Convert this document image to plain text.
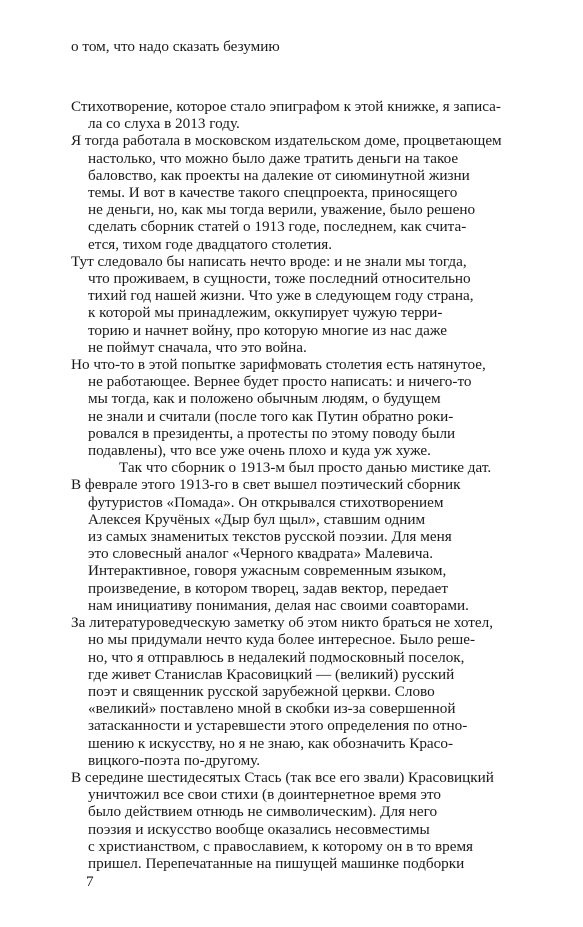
о том, что надо сказать безумию
Стихотворение, которое стало эпиграфом к этой книжке, я записа-
ла со слуха в 2013 году.
Я тогда работала в московском издательском доме, процветающем
настолько, что можно было даже тратить деньги на такое
баловство, как проекты на далекие от сиюминутной жизни
темы. И вот в качестве такого спецпроекта, приносящего
не деньги, но, как мы тогда верили, уважение, было решено
сделать сборник статей о 1913 годе, последнем, как счита-
ется, тихом годе двадцатого столетия.
Тут следовало бы написать нечто вроде: и не знали мы тогда,
что проживаем, в сущности, тоже последний относительно
тихий год нашей жизни. Что уже в следующем году страна,
к которой мы принадлежим, оккупирует чужую терри-
торию и начнет войну, про которую многие из нас даже
не поймут сначала, что это война.
Но что-то в этой попытке зарифмовать столетия есть натянутое,
не работающее. Вернее будет просто написать: и ничего-то
мы тогда, как и положено обычным людям, о будущем
не знали и считали (после того как Путин обратно роки-
ровался в президенты, а протесты по этому поводу были
подавлены), что все уже очень плохо и куда уж хуже.
Так что сборник о 1913-м был просто данью мистике дат.
В феврале этого 1913-го в свет вышел поэтический сборник
футуристов «Помада». Он открывался стихотворением
Алексея Кручёных «Дыр бул щыл», ставшим одним
из самых знаменитых текстов русской поэзии. Для меня
это словесный аналог «Черного квадрата» Малевича.
Интерактивное, говоря ужасным современным языком,
произведение, в котором творец, задав вектор, передает
нам инициативу понимания, делая нас своими соавторами.
За литературоведческую заметку об этом никто браться не хотел,
но мы придумали нечто куда более интересное. Было реше-
но, что я отправлюсь в недалекий подмосковный поселок,
где живет Станислав Красовицкий — (великий) русский
поэт и священник русской зарубежной церкви. Слово
«великий» поставлено мной в скобки из-за совершенной
затасканности и устаревшести этого определения по отно-
шению к искусству, но я не знаю, как обозначить Красо-
вицкого-поэта по-другому.
В середине шестидесятых Стась (так все его звали) Красовицкий
уничтожил все свои стихи (в доинтернетное время это
было действием отнюдь не символическим). Для него
поэзия и искусство вообще оказались несовместимы
с христианством, с православием, к которому он в то время
пришел. Перепечатанные на пишущей машинке подборки
7
